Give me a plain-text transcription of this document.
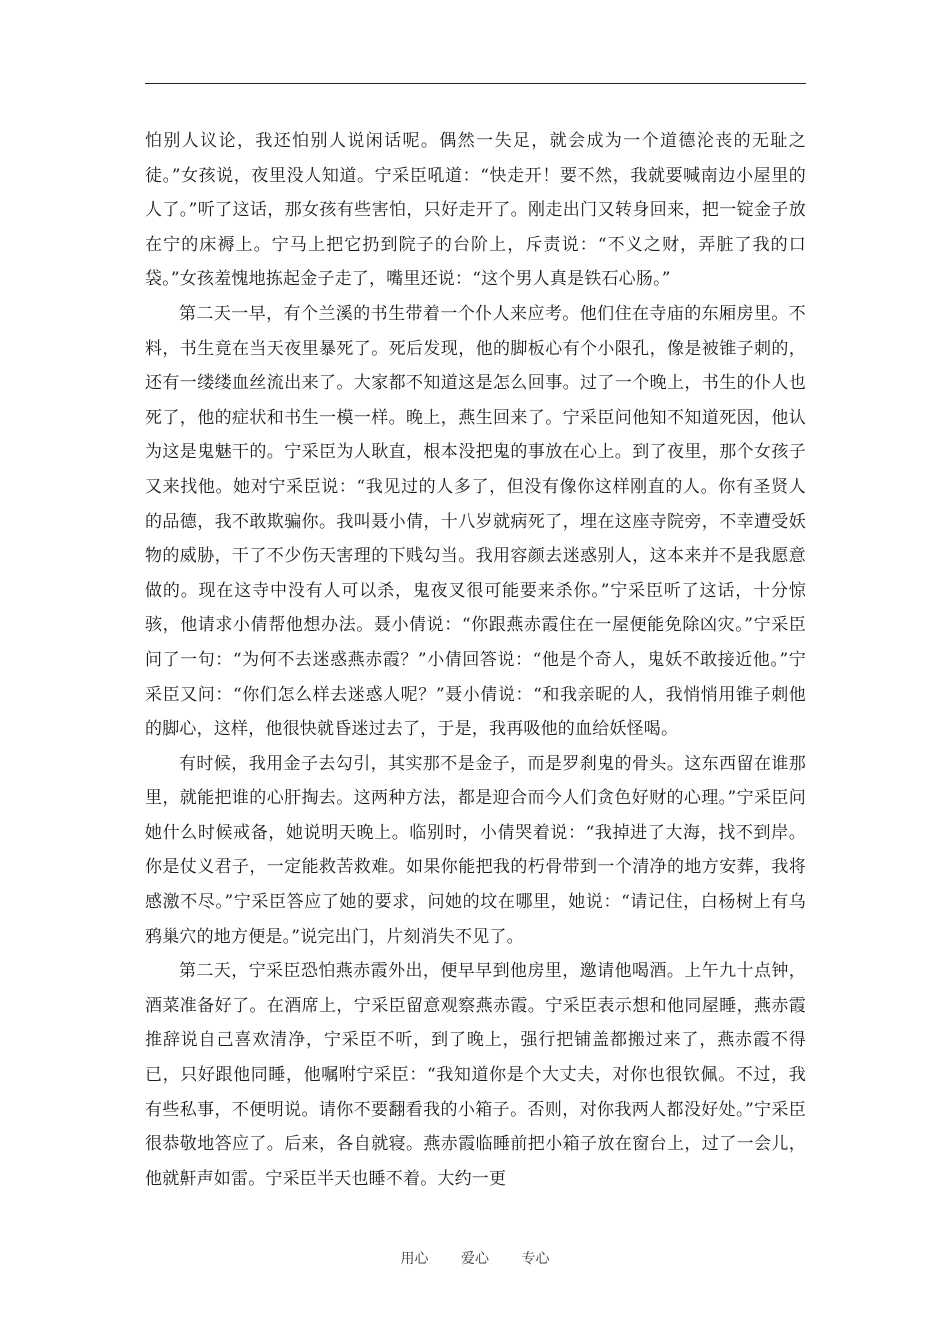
怕别人议论，我还怕别人说闲话呢。偶然一失足，就会成为一个道德沦丧的无耻之徒。”女孩说，夜里没人知道。宁采臣吼道：“快走开！要不然，我就要喊南边小屋里的人了。”听了这话，那女孩有些害怕，只好走开了。刚走出门又转身回来，把一锭金子放在宁的床褥上。宁马上把它扔到院子的台阶上，斥责说：“不义之财，弄脏了我的口袋。”女孩羞愧地拣起金子走了，嘴里还说：“这个男人真是铁石心肠。”

第二天一早，有个兰溪的书生带着一个仆人来应考。他们住在寺庙的东厢房里。不料，书生竟在当天夜里暴死了。死后发现，他的脚板心有个小限孔，像是被锥子刺的，还有一缕缕血丝流出来了。大家都不知道这是怎么回事。过了一个晚上，书生的仆人也死了，他的症状和书生一模一样。晚上，燕生回来了。宁采臣问他知不知道死因，他认为这是鬼魅干的。宁采臣为人耿直，根本没把鬼的事放在心上。到了夜里，那个女孩子又来找他。她对宁采臣说：“我见过的人多了，但没有像你这样刚直的人。你有圣贤人的品德，我不敢欺骗你。我叫聂小倩，十八岁就病死了，埋在这座寺院旁，不幸遭受妖物的威胁，干了不少伤天害理的下贱勾当。我用容颜去迷惑别人，这本来并不是我愿意做的。现在这寺中没有人可以杀，鬼夜叉很可能要来杀你。”宁采臣听了这话，十分惊骇，他请求小倩帮他想办法。聂小倩说：“你跟燕赤霞住在一屋便能免除凶灾。”宁采臣问了一句：“为何不去迷惑燕赤霞？”小倩回答说：“他是个奇人，鬼妖不敢接近他。”宁采臣又问：“你们怎么样去迷惑人呢？”聂小倩说：“和我亲昵的人，我悄悄用锥子刺他的脚心，这样，他很快就昏迷过去了，于是，我再吸他的血给妖怪喝。

有时候，我用金子去勾引，其实那不是金子，而是罗刹鬼的骨头。这东西留在谁那里，就能把谁的心肝掏去。这两种方法，都是迎合而今人们贪色好财的心理。”宁采臣问她什么时候戒备，她说明天晚上。临别时，小倩哭着说：“我掉进了大海，找不到岸。你是仗义君子，一定能救苦救难。如果你能把我的朽骨带到一个清净的地方安葬，我将感激不尽。”宁采臣答应了她的要求，问她的坟在哪里，她说：“请记住，白杨树上有乌鸦巢穴的地方便是。”说完出门，片刻消失不见了。

第二天，宁采臣恐怕燕赤霞外出，便早早到他房里，邀请他喝酒。上午九十点钟，酒菜准备好了。在酒席上，宁采臣留意观察燕赤霞。宁采臣表示想和他同屋睡，燕赤霞推辞说自己喜欢清净，宁采臣不听，到了晚上，强行把铺盖都搬过来了，燕赤霞不得已，只好跟他同睡，他嘱咐宁采臣：“我知道你是个大丈夫，对你也很钦佩。不过，我有些私事，不便明说。请你不要翻看我的小箱子。否则，对你我两人都没好处。”宁采臣很恭敬地答应了。后来，各自就寝。燕赤霞临睡前把小箱子放在窗台上，过了一会儿，他就鼾声如雷。宁采臣半天也睡不着。大约一更

用心 爱心 专心
